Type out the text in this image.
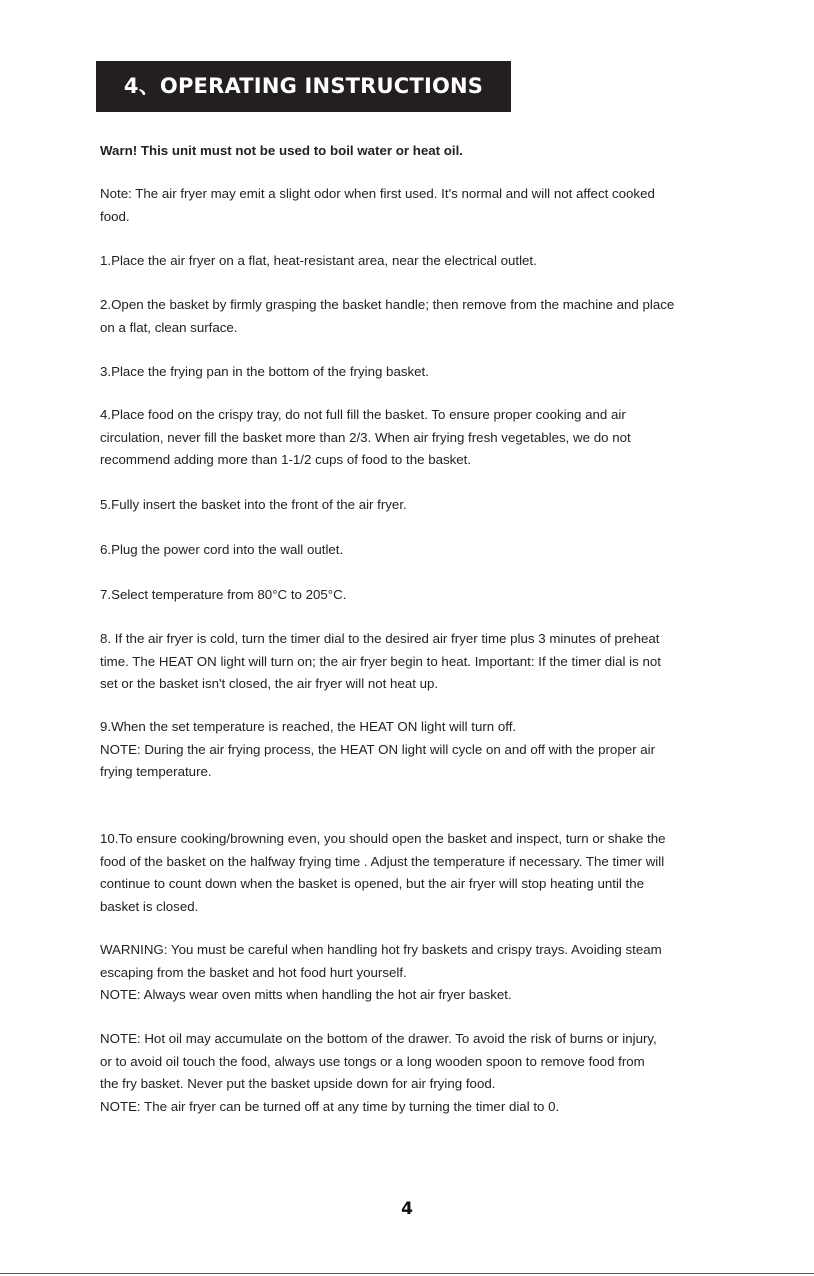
4、OPERATING INSTRUCTIONS

Warn! This unit must not be used to boil water or heat oil.

Note: The air fryer may emit a slight odor when first used. It's normal and will not affect cooked
food.

1.Place the air fryer on a flat, heat-resistant area, near the electrical outlet.

2.Open the basket by firmly grasping the basket handle; then remove from the machine and place
on a flat, clean surface.

3.Place the frying pan in the bottom of the frying basket.

4.Place food on the crispy tray, do not full fill the basket. To ensure proper cooking and air
circulation, never fill the basket more than 2/3. When air frying fresh vegetables, we do not
recommend adding more than 1-1/2 cups of food to the basket.

5.Fully insert the basket into the front of the air fryer.

6.Plug the power cord into the wall outlet.

7.Select temperature from 80°C to 205°C.

8. If the air fryer is cold, turn the timer dial to the desired air fryer time plus 3 minutes of preheat
time. The HEAT ON light will turn on; the air fryer begin to heat. Important: If the timer dial is not
set or the basket isn't closed, the air fryer will not heat up.

9.When the set temperature is reached, the HEAT ON light will turn off.
NOTE: During the air frying process, the HEAT ON light will cycle on and off with the proper air
frying temperature.

10.To ensure cooking/browning even, you should open the basket and inspect, turn or shake the
food of the basket on the halfway frying time . Adjust the temperature if necessary. The timer will
continue to count down when the basket is opened, but the air fryer will stop heating until the
basket is closed.

WARNING: You must be careful when handling hot fry baskets and crispy trays. Avoiding steam
escaping from the basket and hot food hurt yourself.
NOTE: Always wear oven mitts when handling the hot air fryer basket.

NOTE: Hot oil may accumulate on the bottom of the drawer. To avoid the risk of burns or injury,
or to avoid oil touch the food, always use tongs or a long wooden spoon to remove food from
the fry basket. Never put the basket upside down for air frying food.
NOTE: The air fryer can be turned off at any time by turning the timer dial to 0.

4
